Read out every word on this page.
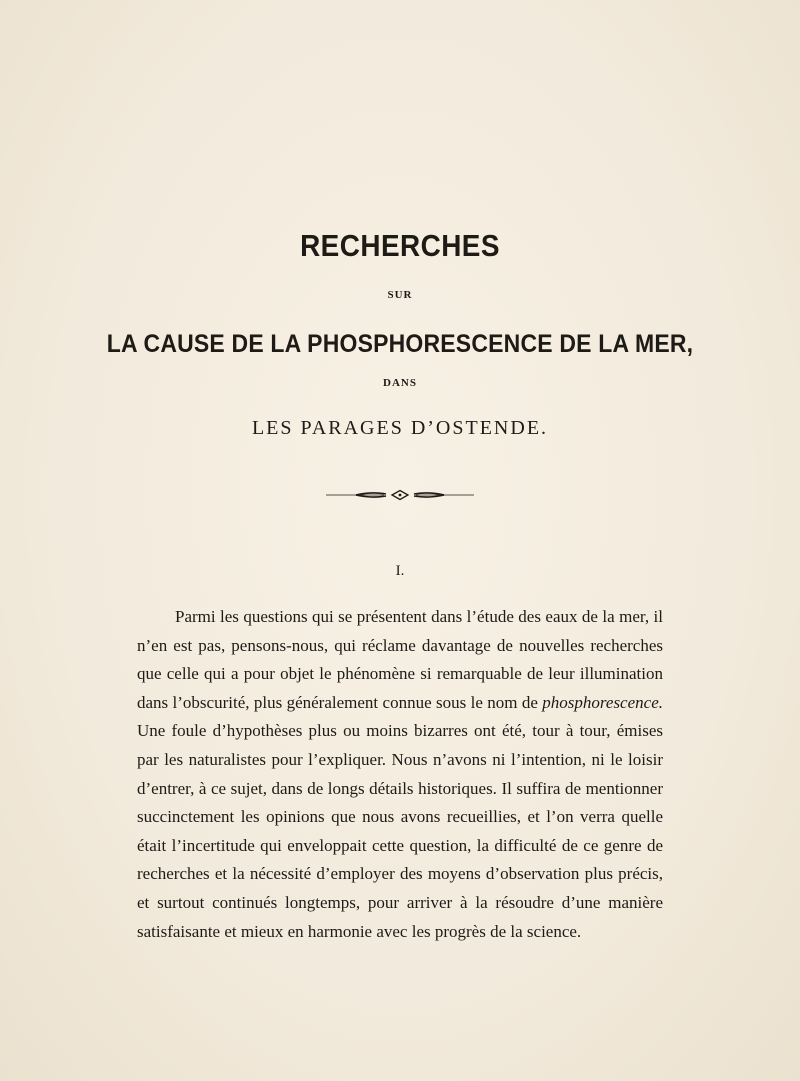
RECHERCHES
SUR
LA CAUSE DE LA PHOSPHORESCENCE DE LA MER,
DANS
LES PARAGES D’OSTENDE.
I.

Parmi les questions qui se présentent dans l’étude des eaux de la mer, il n’en est pas, pensons-nous, qui réclame davantage de nouvelles recherches que celle qui a pour objet le phénomène si remarquable de leur illumination dans l’obscurité, plus généralement connue sous le nom de phosphorescence. Une foule d’hypothèses plus ou moins bizarres ont été, tour à tour, émises par les naturalistes pour l’expliquer. Nous n’avons ni l’intention, ni le loisir d’entrer, à ce sujet, dans de longs détails historiques. Il suffira de mentionner succinctement les opinions que nous avons recueillies, et l’on verra quelle était l’incertitude qui enveloppait cette question, la difficulté de ce genre de recherches et la nécessité d’employer des moyens d’observation plus précis, et surtout continués longtemps, pour arriver à la résoudre d’une manière satisfaisante et mieux en harmonie avec les progrès de la science.
